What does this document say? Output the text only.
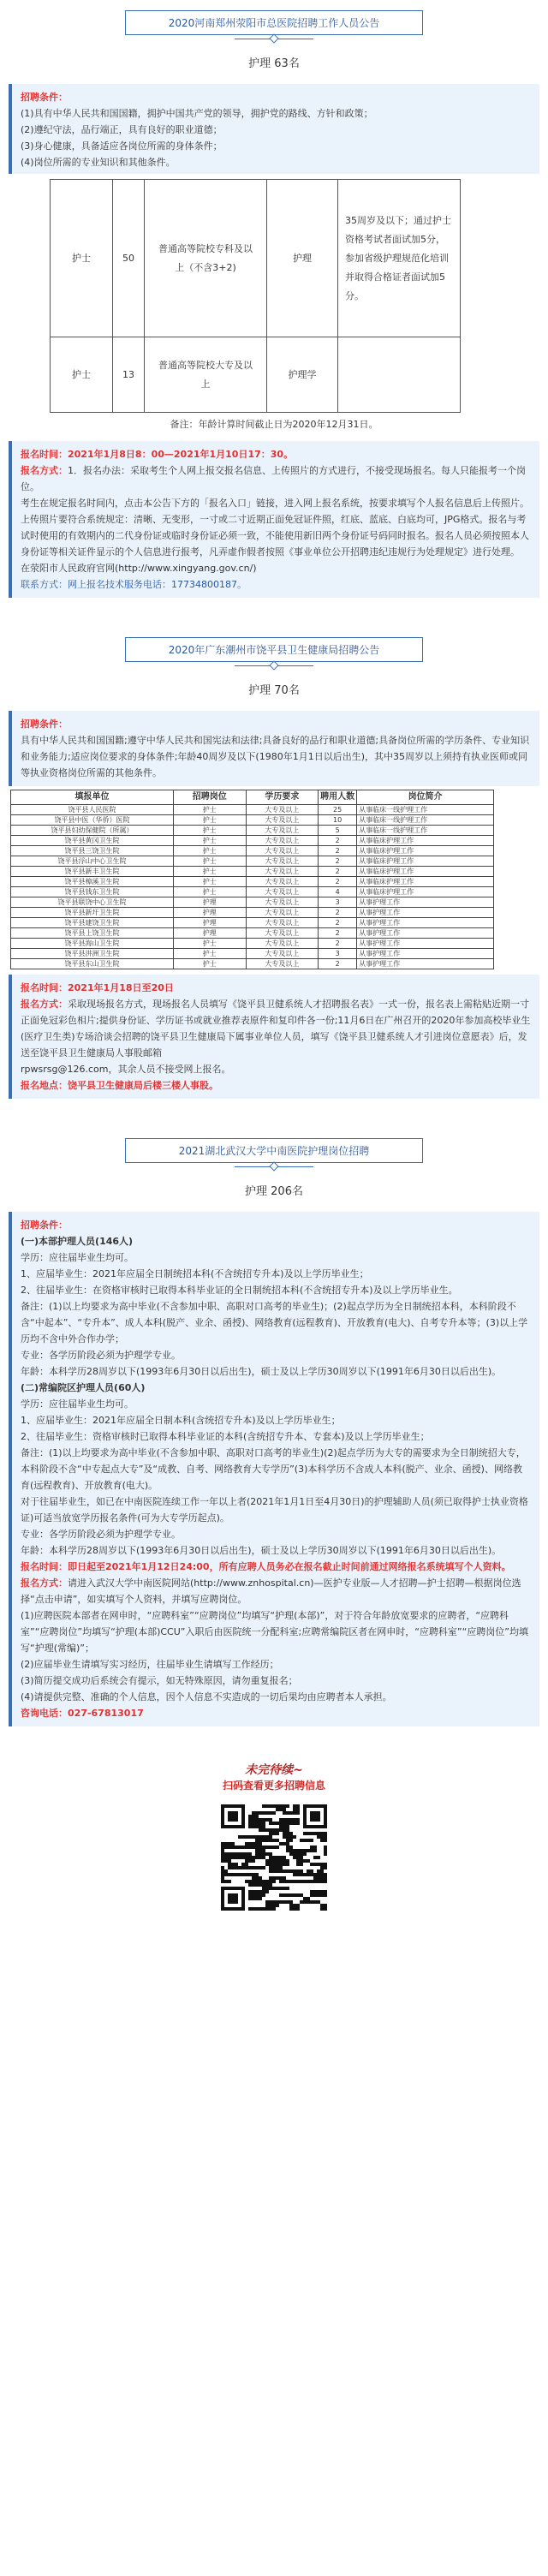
2020河南郑州荥阳市总医院招聘工作人员公告
护理 63名

招聘条件：

(1)具有中华人民共和国国籍，拥护中国共产党的领导，拥护党的路线、方针和政策；

(2)遵纪守法，品行端正，具有良好的职业道德；

(3)身心健康，具备适应各岗位所需的身体条件；

(4)岗位所需的专业知识和其他条件。

护士	50	普通高等院校专科及以上（不含3+2)	护理	35周岁及以下；通过护士资格考试者面试加5分，参加省级护理规范化培训并取得合格证者面试加5分。
护士	13	普通高等院校大专及以上	护理学	

备注：年龄计算时间截止日为2020年12月31日。

报名时间：2021年1月8日8：00—2021年1月10日17：30。

报名方式：1．报名办法：采取考生个人网上报交报名信息、上传照片的方式进行，不接受现场报名。每人只能报考一个岗位。

考生在规定报名时间内，点击本公告下方的「报名入口」链接，进入网上报名系统，按要求填写个人报名信息后上传照片。上传照片要符合系统规定：清晰、无变形，一寸或二寸近期正面免冠证件照，红底、蓝底、白底均可，JPG格式。报名与考试时使用的有效期内的二代身份证或临时身份证必须一致，不能使用新旧两个身份证号码同时报名。报名人员必须按照本人身份证等相关证件显示的个人信息进行报考，凡弄虚作假者按照《事业单位公开招聘违纪违规行为处理规定》进行处理。

在荥阳市人民政府官网(http://www.xingyang.gov.cn/)

联系方式：网上报名技术服务电话：17734800187。

2020年广东潮州市饶平县卫生健康局招聘公告
护理 70名

招聘条件：

具有中华人民共和国国籍;遵守中华人民共和国宪法和法律;具备良好的品行和职业道德;具备岗位所需的学历条件、专业知识和业务能力;适应岗位要求的身体条件;年龄40周岁及以下(1980年1月1日以后出生)，其中35周岁以上须持有执业医师或同等执业资格岗位所需的其他条件。

填报单位	招聘岗位	学历要求	聘用人数	岗位简介
饶平县人民医院	护士	大专及以上	25	从事临床一线护理工作
饶平县中医（华侨）医院	护士	大专及以上	10	从事临床一线护理工作
饶平县妇幼保健院（所属）	护士	大专及以上	5	从事临床一线护理工作
饶平县黄冈卫生院	护士	大专及以上	2	从事临床护理工作
饶平县三饶卫生院	护士	大专及以上	2	从事临床护理工作
饶平县浮山中心卫生院	护士	大专及以上	2	从事临床护理工作
饶平县新丰卫生院	护士	大专及以上	2	从事临床护理工作
饶平县樟溪卫生院	护士	大专及以上	2	从事临床护理工作
饶平县钱东卫生院	护士	大专及以上	4	从事临床护理工作
饶平县联饶中心卫生院	护理	大专及以上	3	从事护理工作
饶平县新圩卫生院	护理	大专及以上	2	从事护理工作
饶平县建饶卫生院	护理	大专及以上	2	从事护理工作
饶平县上饶卫生院	护理	大专及以上	2	从事护理工作
饶平县海山卫生院	护士	大专及以上	2	从事护理工作
饶平县汫洲卫生院	护士	大专及以上	3	从事护理工作
饶平县东山卫生院	护士	大专及以上	2	从事护理工作

报名时间：2021年1月18日至20日

报名方式：采取现场报名方式，现场报名人员填写《饶平县卫健系统人才招聘报名表》一式一份，报名表上需粘贴近期一寸正面免冠彩色相片;提供身份证、学历证书或就业推荐表原件和复印件各一份;11月6日在广州召开的2020年参加高校毕业生(医疗卫生类)专场洽谈会招聘的饶平县卫生健康局下属事业单位人员，填写《饶平县卫健系统人才引进岗位意愿表》后，发送至饶平县卫生健康局人事股邮箱

rpwsrsg@126.com，其余人员不接受网上报名。

报名地点：饶平县卫生健康局后楼三楼人事股。

2021湖北武汉大学中南医院护理岗位招聘
护理 206名

招聘条件：

(一)本部护理人员(146人)

学历：应往届毕业生均可。

1、应届毕业生：2021年应届全日制统招本科(不含统招专升本)及以上学历毕业生；

2、往届毕业生：在资格审核时已取得本科毕业证的全日制统招本科(不含统招专升本)及以上学历毕业生。

备注：(1)以上均要求为高中毕业(不含参加中职、高职对口高考的毕业生)；(2)起点学历为全日制统招本科，本科阶段不含“中起本”、“专升本”、成人本科(脱产、业余、函授)、网络教育(远程教育)、开放教育(电大)、自考专升本等；(3)以上学历均不含中外合作办学；

专业：各学历阶段必须为护理学专业。

年龄：本科学历28周岁以下(1993年6月30日以后出生)，硕士及以上学历30周岁以下(1991年6月30日以后出生)。

(二)常编院区护理人员(60人)

学历：应往届毕业生均可。

1、应届毕业生：2021年应届全日制本科(含统招专升本)及以上学历毕业生；

2、往届毕业生：资格审核时已取得本科毕业证的本科(含统招专升本、专套本)及以上学历毕业生；

备注：(1)以上均要求为高中毕业(不含参加中职、高职对口高考的毕业生)(2)起点学历为大专的需要求为全日制统招大专，本科阶段不含“中专起点大专”及“成教、自考、网络教育大专学历”(3)本科学历不含成人本科(脱产、业余、函授)、网络教育(远程教育)、开放教育(电大)。

对于往届毕业生，如已在中南医院连续工作一年以上者(2021年1月1日至4月30日)的护理辅助人员(须已取得护士执业资格证)可适当放宽学历报名条件(可为大专学历起点)。

专业：各学历阶段必须为护理学专业。

年龄：本科学历28周岁以下(1993年6月30日以后出生)，硕士及以上学历30周岁以下(1991年6月30日以后出生)。

报名时间：即日起至2021年1月12日24:00，所有应聘人员务必在报名截止时间前通过网络报名系统填写个人资料。

报名方式：请进入武汉大学中南医院网站(http://www.znhospital.cn)—医护专业版—人才招聘—护士招聘—根据岗位选择“点击申请”，如实填写个人资料，并填写应聘岗位。

(1)应聘医院本部者在网申时，“应聘科室”“应聘岗位”均填写“护理(本部)”，对于符合年龄放宽要求的应聘者，“应聘科室”“应聘岗位”均填写“护理(本部)CCU”入职后由医院统一分配科室;应聘常编院区者在网申时，“应聘科室”“应聘岗位”均填写“护理(常编)”；

(2)应届毕业生请填写实习经历，往届毕业生请填写工作经历；

(3)简历提交成功后系统会有提示，如无特殊原因，请勿重复报名；

(4)请提供完整、准确的个人信息，因个人信息不实造成的一切后果均由应聘者本人承担。

咨询电话：027-67813017

未完待续~
扫码查看更多招聘信息
